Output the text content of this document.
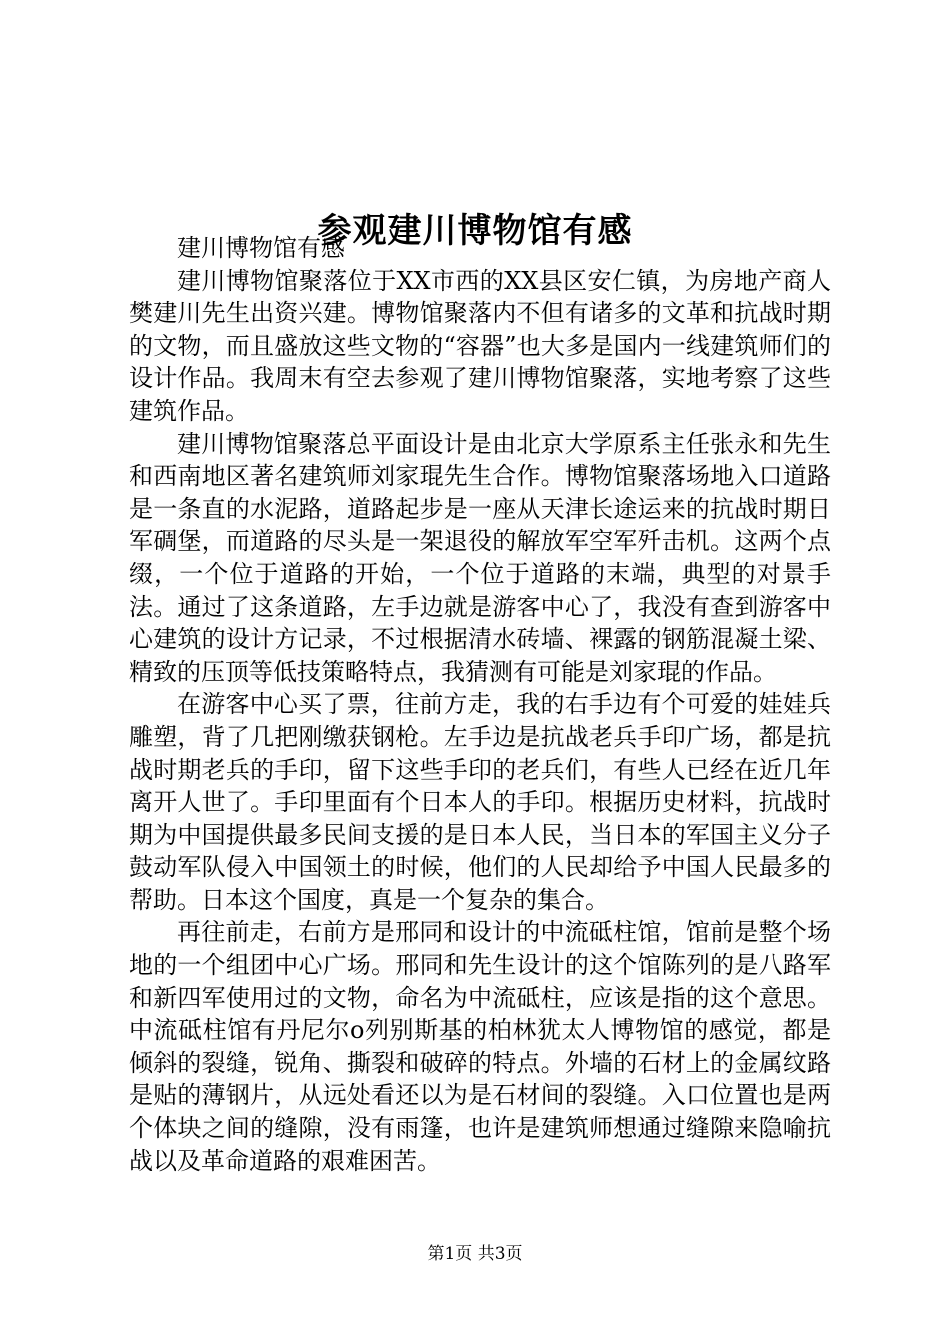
参观建川博物馆有感

建川博物馆有感

建川博物馆聚落位于XX市西的XX县区安仁镇，为房地产商人樊建川先生出资兴建。博物馆聚落内不但有诸多的文革和抗战时期的文物，而且盛放这些文物的“容器”也大多是国内一线建筑师们的设计作品。我周末有空去参观了建川博物馆聚落，实地考察了这些建筑作品。

建川博物馆聚落总平面设计是由北京大学原系主任张永和先生和西南地区著名建筑师刘家琨先生合作。博物馆聚落场地入口道路是一条直的水泥路，道路起步是一座从天津长途运来的抗战时期日军碉堡，而道路的尽头是一架退役的解放军空军歼击机。这两个点缀，一个位于道路的开始，一个位于道路的末端，典型的对景手法。通过了这条道路，左手边就是游客中心了，我没有查到游客中心建筑的设计方记录，不过根据清水砖墙、裸露的钢筋混凝土梁、精致的压顶等低技策略特点，我猜测有可能是刘家琨的作品。

在游客中心买了票，往前方走，我的右手边有个可爱的娃娃兵雕塑，背了几把刚缴获钢枪。左手边是抗战老兵手印广场，都是抗战时期老兵的手印，留下这些手印的老兵们，有些人已经在近几年离开人世了。手印里面有个日本人的手印。根据历史材料，抗战时期为中国提供最多民间支援的是日本人民，当日本的军国主义分子鼓动军队侵入中国领土的时候，他们的人民却给予中国人民最多的帮助。日本这个国度，真是一个复杂的集合。

再往前走，右前方是邢同和设计的中流砥柱馆，馆前是整个场地的一个组团中心广场。邢同和先生设计的这个馆陈列的是八路军和新四军使用过的文物，命名为中流砥柱，应该是指的这个意思。中流砥柱馆有丹尼尔o列别斯基的柏林犹太人博物馆的感觉，都是倾斜的裂缝，锐角、撕裂和破碎的特点。外墙的石材上的金属纹路是贴的薄钢片，从远处看还以为是石材间的裂缝。入口位置也是两个体块之间的缝隙，没有雨篷，也许是建筑师想通过缝隙来隐喻抗战以及革命道路的艰难困苦。

第1页 共3页
